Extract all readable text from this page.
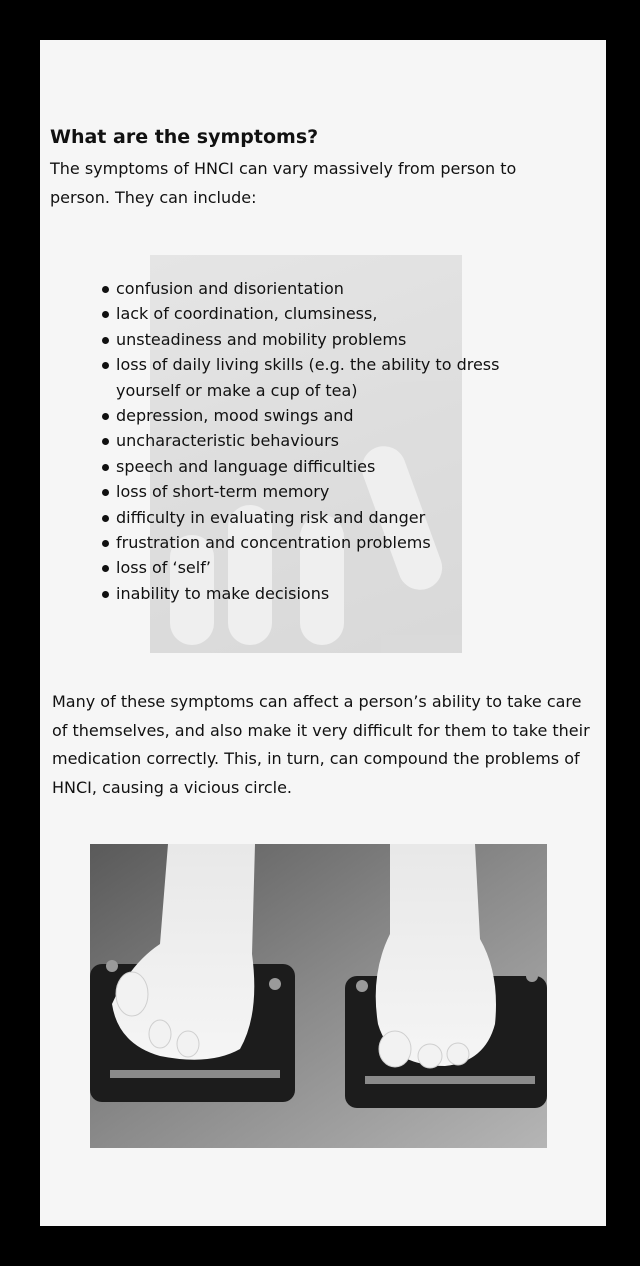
What are the symptoms?

The symptoms of HNCI can vary massively from person to person. They can include:

confusion and disorientation
lack of coordination, clumsiness,
unsteadiness and mobility problems
loss of daily living skills (e.g. the ability to dress yourself or make a cup of tea)
depression, mood swings and
uncharacteristic behaviours
speech and language difficulties
loss of short-term memory
difficulty in evaluating risk and danger
frustration and concentration problems
loss of ‘self’
inability to make decisions

Many of these symptoms can affect a person’s ability to take care of themselves, and also make it very difficult for them to take their medication correctly. This, in turn, can compound the problems of HNCI, causing a vicious circle.
